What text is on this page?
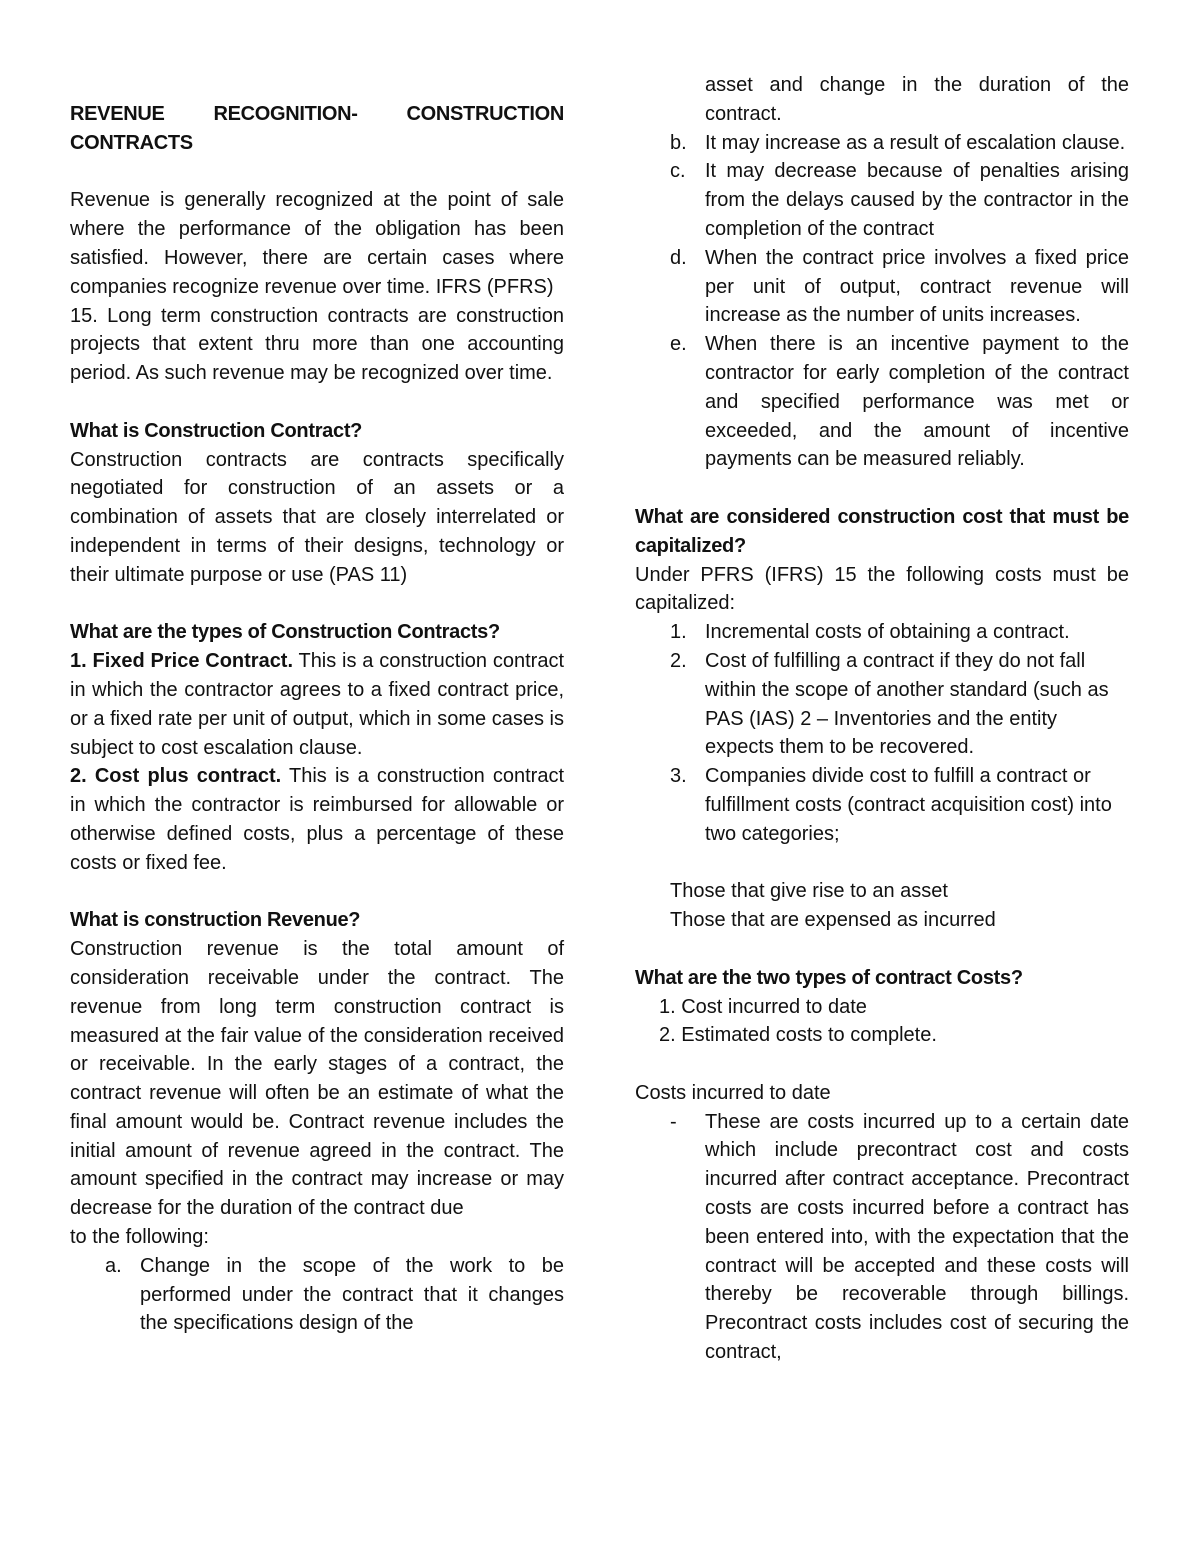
REVENUE RECOGNITION- CONSTRUCTION
CONTRACTS

Revenue is generally recognized at the point of sale where the performance of the obligation has been satisfied. However, there are certain cases where companies recognize revenue over time. IFRS (PFRS)

15. Long term construction contracts are construction projects that extent thru more than one accounting period. As such revenue may be recognized over time.

What is Construction Contract?

Construction contracts are contracts specifically negotiated for construction of an assets or a combination of assets that are closely interrelated or independent in terms of their designs, technology or their ultimate purpose or use (PAS 11)

What are the types of Construction Contracts?

1. Fixed Price Contract. This is a construction contract in which the contractor agrees to a fixed contract price, or a fixed rate per unit of output, which in some cases is subject to cost escalation clause.

2. Cost plus contract. This is a construction contract in which the contractor is reimbursed for allowable or otherwise defined costs, plus a percentage of these costs or fixed fee.

What is construction Revenue?

Construction revenue is the total amount of consideration receivable under the contract. The revenue from long term construction contract is measured at the fair value of the consideration received or receivable. In the early stages of a contract, the contract revenue will often be an estimate of what the final amount would be. Contract revenue includes the initial amount of revenue agreed in the contract. The amount specified in the contract may increase or may decrease for the duration of the contract due

to the following:

a. Change in the scope of the work to be performed under the contract that it changes the specifications design of the
asset and change in the duration of the contract.
b. It may increase as a result of escalation clause.
c. It may decrease because of penalties arising from the delays caused by the contractor in the completion of the contract
d. When the contract price involves a fixed price per unit of output, contract revenue will increase as the number of units increases.
e. When there is an incentive payment to the contractor for early completion of the contract and specified performance was met or exceeded, and the amount of incentive payments can be measured reliably.

What are considered construction cost that must be capitalized?

Under PFRS (IFRS) 15 the following costs must be capitalized:

1. Incremental costs of obtaining a contract.
2. Cost of fulfilling a contract if they do not fall within the scope of another standard (such as PAS (IAS) 2 – Inventories and the entity expects them to be recovered.
3. Companies divide cost to fulfill a contract or fulfillment costs (contract acquisition cost) into two categories;

Those that give rise to an asset

Those that are expensed as incurred

What are the two types of contract Costs?

1. Cost incurred to date

2. Estimated costs to complete.

Costs incurred to date

- These are costs incurred up to a certain date which include precontract cost and costs incurred after contract acceptance. Precontract costs are costs incurred before a contract has been entered into, with the expectation that the contract will be accepted and these costs will thereby be recoverable through billings. Precontract costs includes cost of securing the contract,
